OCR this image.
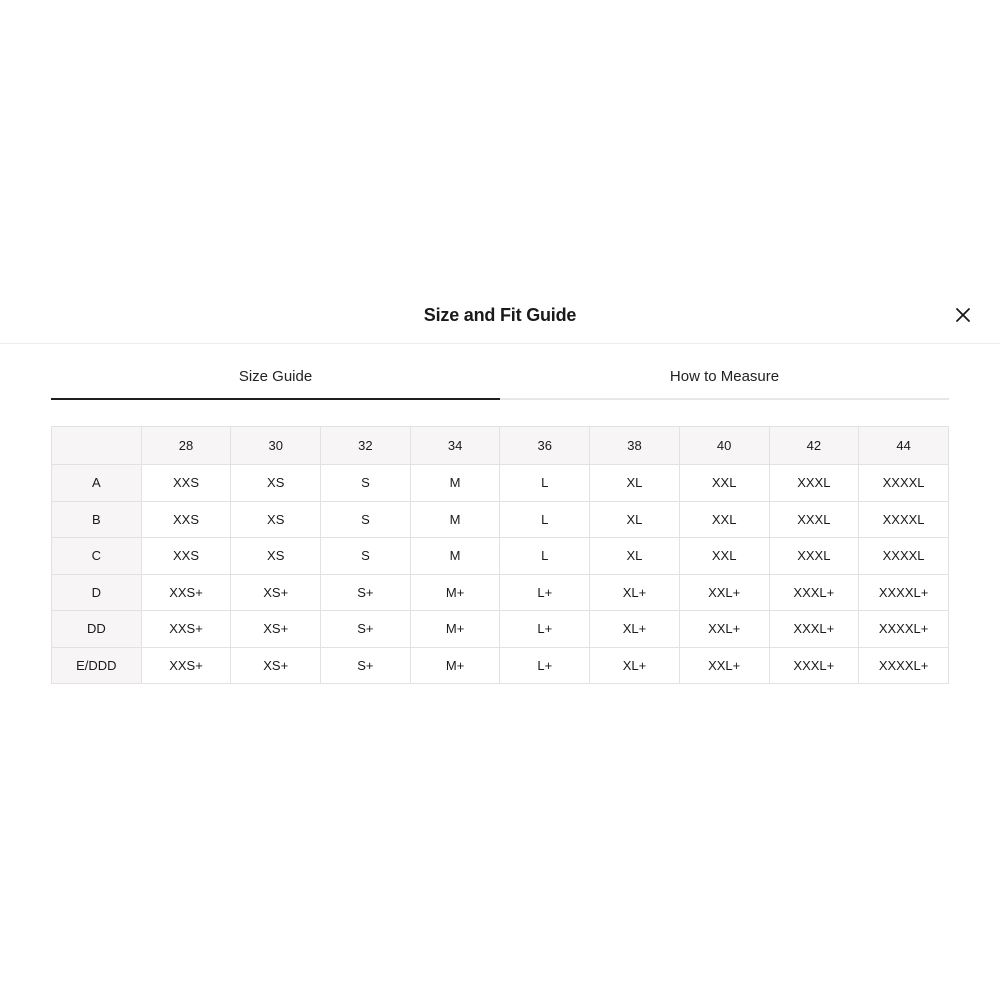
Size and Fit Guide
Size Guide	How to Measure
	28	30	32	34	36	38	40	42	44
A	XXS	XS	S	M	L	XL	XXL	XXXL	XXXXL
B	XXS	XS	S	M	L	XL	XXL	XXXL	XXXXL
C	XXS	XS	S	M	L	XL	XXL	XXXL	XXXXL
D	XXS+	XS+	S+	M+	L+	XL+	XXL+	XXXL+	XXXXL+
DD	XXS+	XS+	S+	M+	L+	XL+	XXL+	XXXL+	XXXXL+
E/DDD	XXS+	XS+	S+	M+	L+	XL+	XXL+	XXXL+	XXXXL+
